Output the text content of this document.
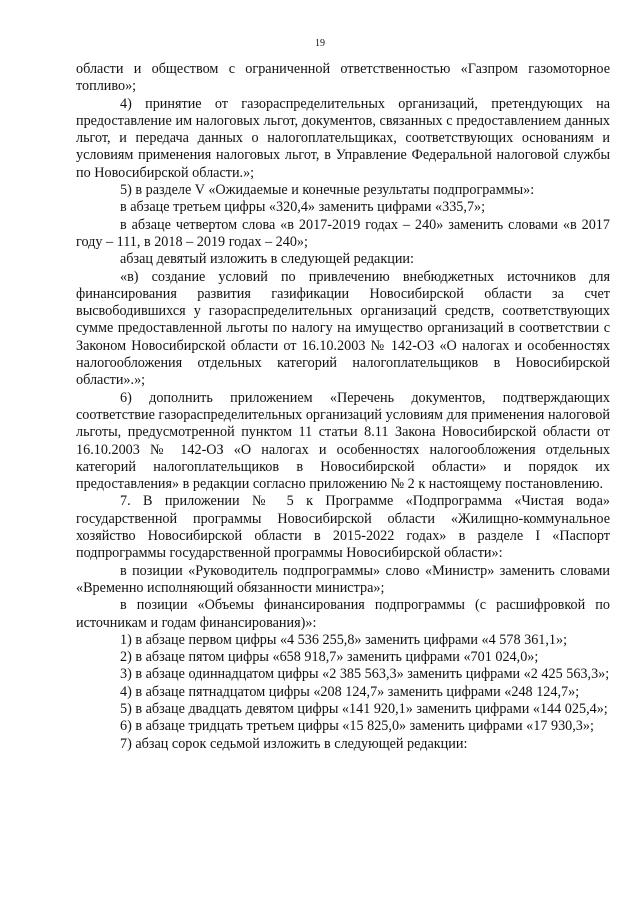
19

области и обществом с ограниченной ответственностью «Газпром газомоторное топливо»;

4) принятие от газораспределительных организаций, претендующих на предоставление им налоговых льгот, документов, связанных с предоставлением данных льгот, и передача данных о налогоплательщиках, соответствующих основаниям и условиям применения налоговых льгот, в Управление Федеральной налоговой службы по Новосибирской области.»;

5) в разделе V «Ожидаемые и конечные результаты подпрограммы»:

в абзаце третьем цифры «320,4» заменить цифрами «335,7»;

в абзаце четвертом слова «в 2017-2019 годах – 240» заменить словами «в 2017 году – 111, в 2018 – 2019 годах – 240»;

абзац девятый изложить в следующей редакции:

«в) создание условий по привлечению внебюджетных источников для финансирования развития газификации Новосибирской области за счет высвободившихся у газораспределительных организаций средств, соответствующих сумме предоставленной льготы по налогу на имущество организаций в соответствии с Законом Новосибирской области от 16.10.2003 № 142-ОЗ «О налогах и особенностях налогообложения отдельных категорий налогоплательщиков в Новосибирской области».»;

6) дополнить приложением «Перечень документов, подтверждающих соответствие газораспределительных организаций условиям для применения налоговой льготы, предусмотренной пунктом 11 статьи 8.11 Закона Новосибирской области от 16.10.2003 № 142-ОЗ «О налогах и особенностях налогообложения отдельных категорий налогоплательщиков в Новосибирской области» и порядок их предоставления» в редакции согласно приложению № 2 к настоящему постановлению.

7. В приложении № 5 к Программе «Подпрограмма «Чистая вода» государственной программы Новосибирской области «Жилищно-коммунальное хозяйство Новосибирской области в 2015-2022 годах» в разделе I «Паспорт подпрограммы государственной программы Новосибирской области»:

в позиции «Руководитель подпрограммы» слово «Министр» заменить словами «Временно исполняющий обязанности министра»;

в позиции «Объемы финансирования подпрограммы (с расшифровкой по источникам и годам финансирования)»:

1) в абзаце первом цифры «4 536 255,8» заменить цифрами «4 578 361,1»;

2) в абзаце пятом цифры «658 918,7» заменить цифрами «701 024,0»;

3) в абзаце одиннадцатом цифры «2 385 563,3» заменить цифрами «2 425 563,3»;

4) в абзаце пятнадцатом цифры «208 124,7» заменить цифрами «248 124,7»;

5) в абзаце двадцать девятом цифры «141 920,1» заменить цифрами «144 025,4»;

6) в абзаце тридцать третьем цифры «15 825,0» заменить цифрами «17 930,3»;

7) абзац сорок седьмой изложить в следующей редакции:
